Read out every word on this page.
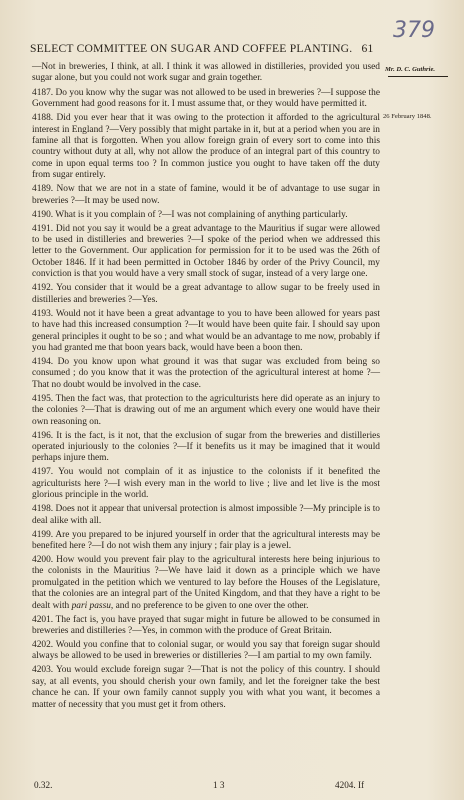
SELECT COMMITTEE ON SUGAR AND COFFEE PLANTING. 61
379
Mr. D. C. Guthrie.
26 February 1848.

—Not in breweries, I think, at all. I think it was allowed in distilleries, provided you used sugar alone, but you could not work sugar and grain together.

4187. Do you know why the sugar was not allowed to be used in breweries ?—I suppose the Government had good reasons for it. I must assume that, or they would have permitted it.

4188. Did you ever hear that it was owing to the protection it afforded to the agricultural interest in England ?—Very possibly that might partake in it, but at a period when you are in famine all that is forgotten. When you allow foreign grain of every sort to come into this country without duty at all, why not allow the produce of an integral part of this country to come in upon equal terms too ? In common justice you ought to have taken off the duty from sugar entirely.

4189. Now that we are not in a state of famine, would it be of advantage to use sugar in breweries ?—It may be used now.

4190. What is it you complain of ?—I was not complaining of anything particularly.

4191. Did not you say it would be a great advantage to the Mauritius if sugar were allowed to be used in distilleries and breweries ?—I spoke of the period when we addressed this letter to the Government. Our application for permission for it to be used was the 26th of October 1846. If it had been permitted in October 1846 by order of the Privy Council, my conviction is that you would have a very small stock of sugar, instead of a very large one.

4192. You consider that it would be a great advantage to allow sugar to be freely used in distilleries and breweries ?—Yes.

4193. Would not it have been a great advantage to you to have been allowed for years past to have had this increased consumption ?—It would have been quite fair. I should say upon general principles it ought to be so ; and what would be an advantage to me now, probably if you had granted me that boon years back, would have been a boon then.

4194. Do you know upon what ground it was that sugar was excluded from being so consumed ; do you know that it was the protection of the agricultural interest at home ?—That no doubt would be involved in the case.

4195. Then the fact was, that protection to the agriculturists here did operate as an injury to the colonies ?—That is drawing out of me an argument which every one would have their own reasoning on.

4196. It is the fact, is it not, that the exclusion of sugar from the breweries and distilleries operated injuriously to the colonies ?—If it benefits us it may be imagined that it would perhaps injure them.

4197. You would not complain of it as injustice to the colonists if it benefited the agriculturists here ?—I wish every man in the world to live ; live and let live is the most glorious principle in the world.

4198. Does not it appear that universal protection is almost impossible ?—My principle is to deal alike with all.

4199. Are you prepared to be injured yourself in order that the agricultural interests may be benefited here ?—I do not wish them any injury ; fair play is a jewel.

4200. How would you prevent fair play to the agricultural interests here being injurious to the colonists in the Mauritius ?—We have laid it down as a principle which we have promulgated in the petition which we ventured to lay before the Houses of the Legislature, that the colonies are an integral part of the United Kingdom, and that they have a right to be dealt with pari passu, and no preference to be given to one over the other.

4201. The fact is, you have prayed that sugar might in future be allowed to be consumed in breweries and distilleries ?—Yes, in common with the produce of Great Britain.

4202. Would you confine that to colonial sugar, or would you say that foreign sugar should always be allowed to be used in breweries or distilleries ?—I am partial to my own family.

4203. You would exclude foreign sugar ?—That is not the policy of this country. I should say, at all events, you should cherish your own family, and let the foreigner take the best chance he can. If your own family cannot supply you with what you want, it becomes a matter of necessity that you must get it from others.

0.32.	1 3	4204. If
